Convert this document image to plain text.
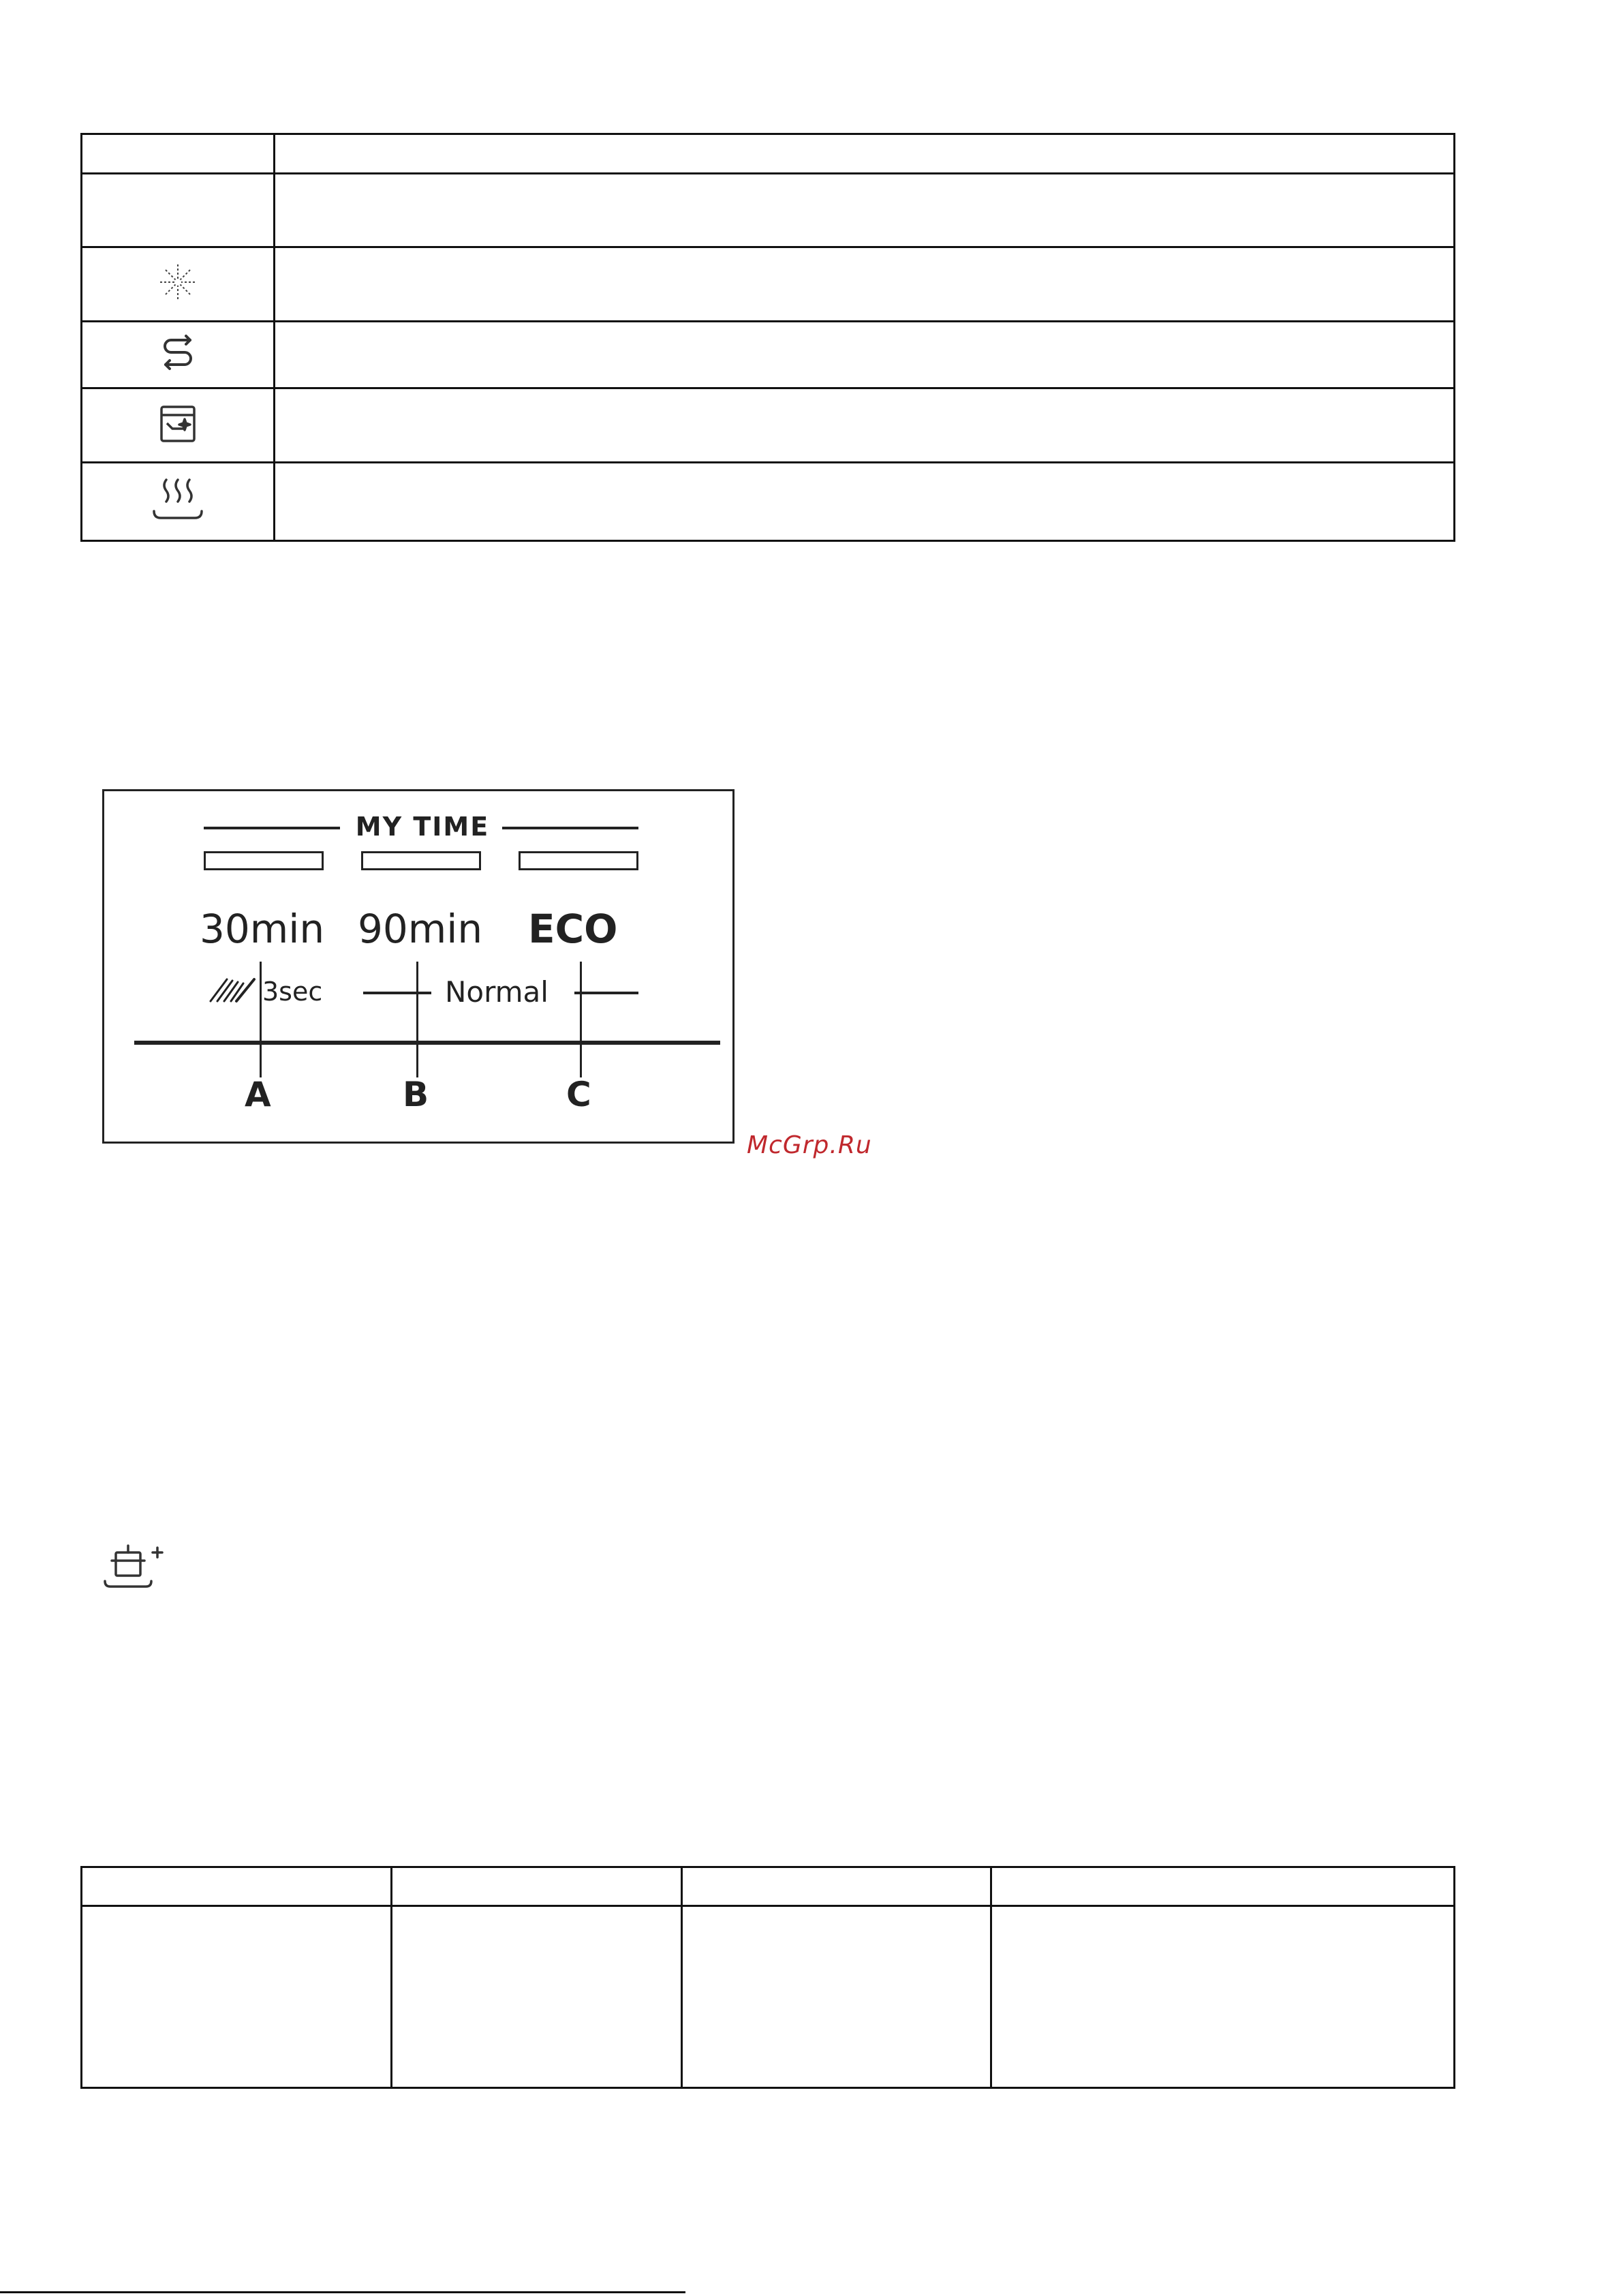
MY TIME
30min 90min ECO
3sec	Normal
A	B	C
McGrp.Ru
